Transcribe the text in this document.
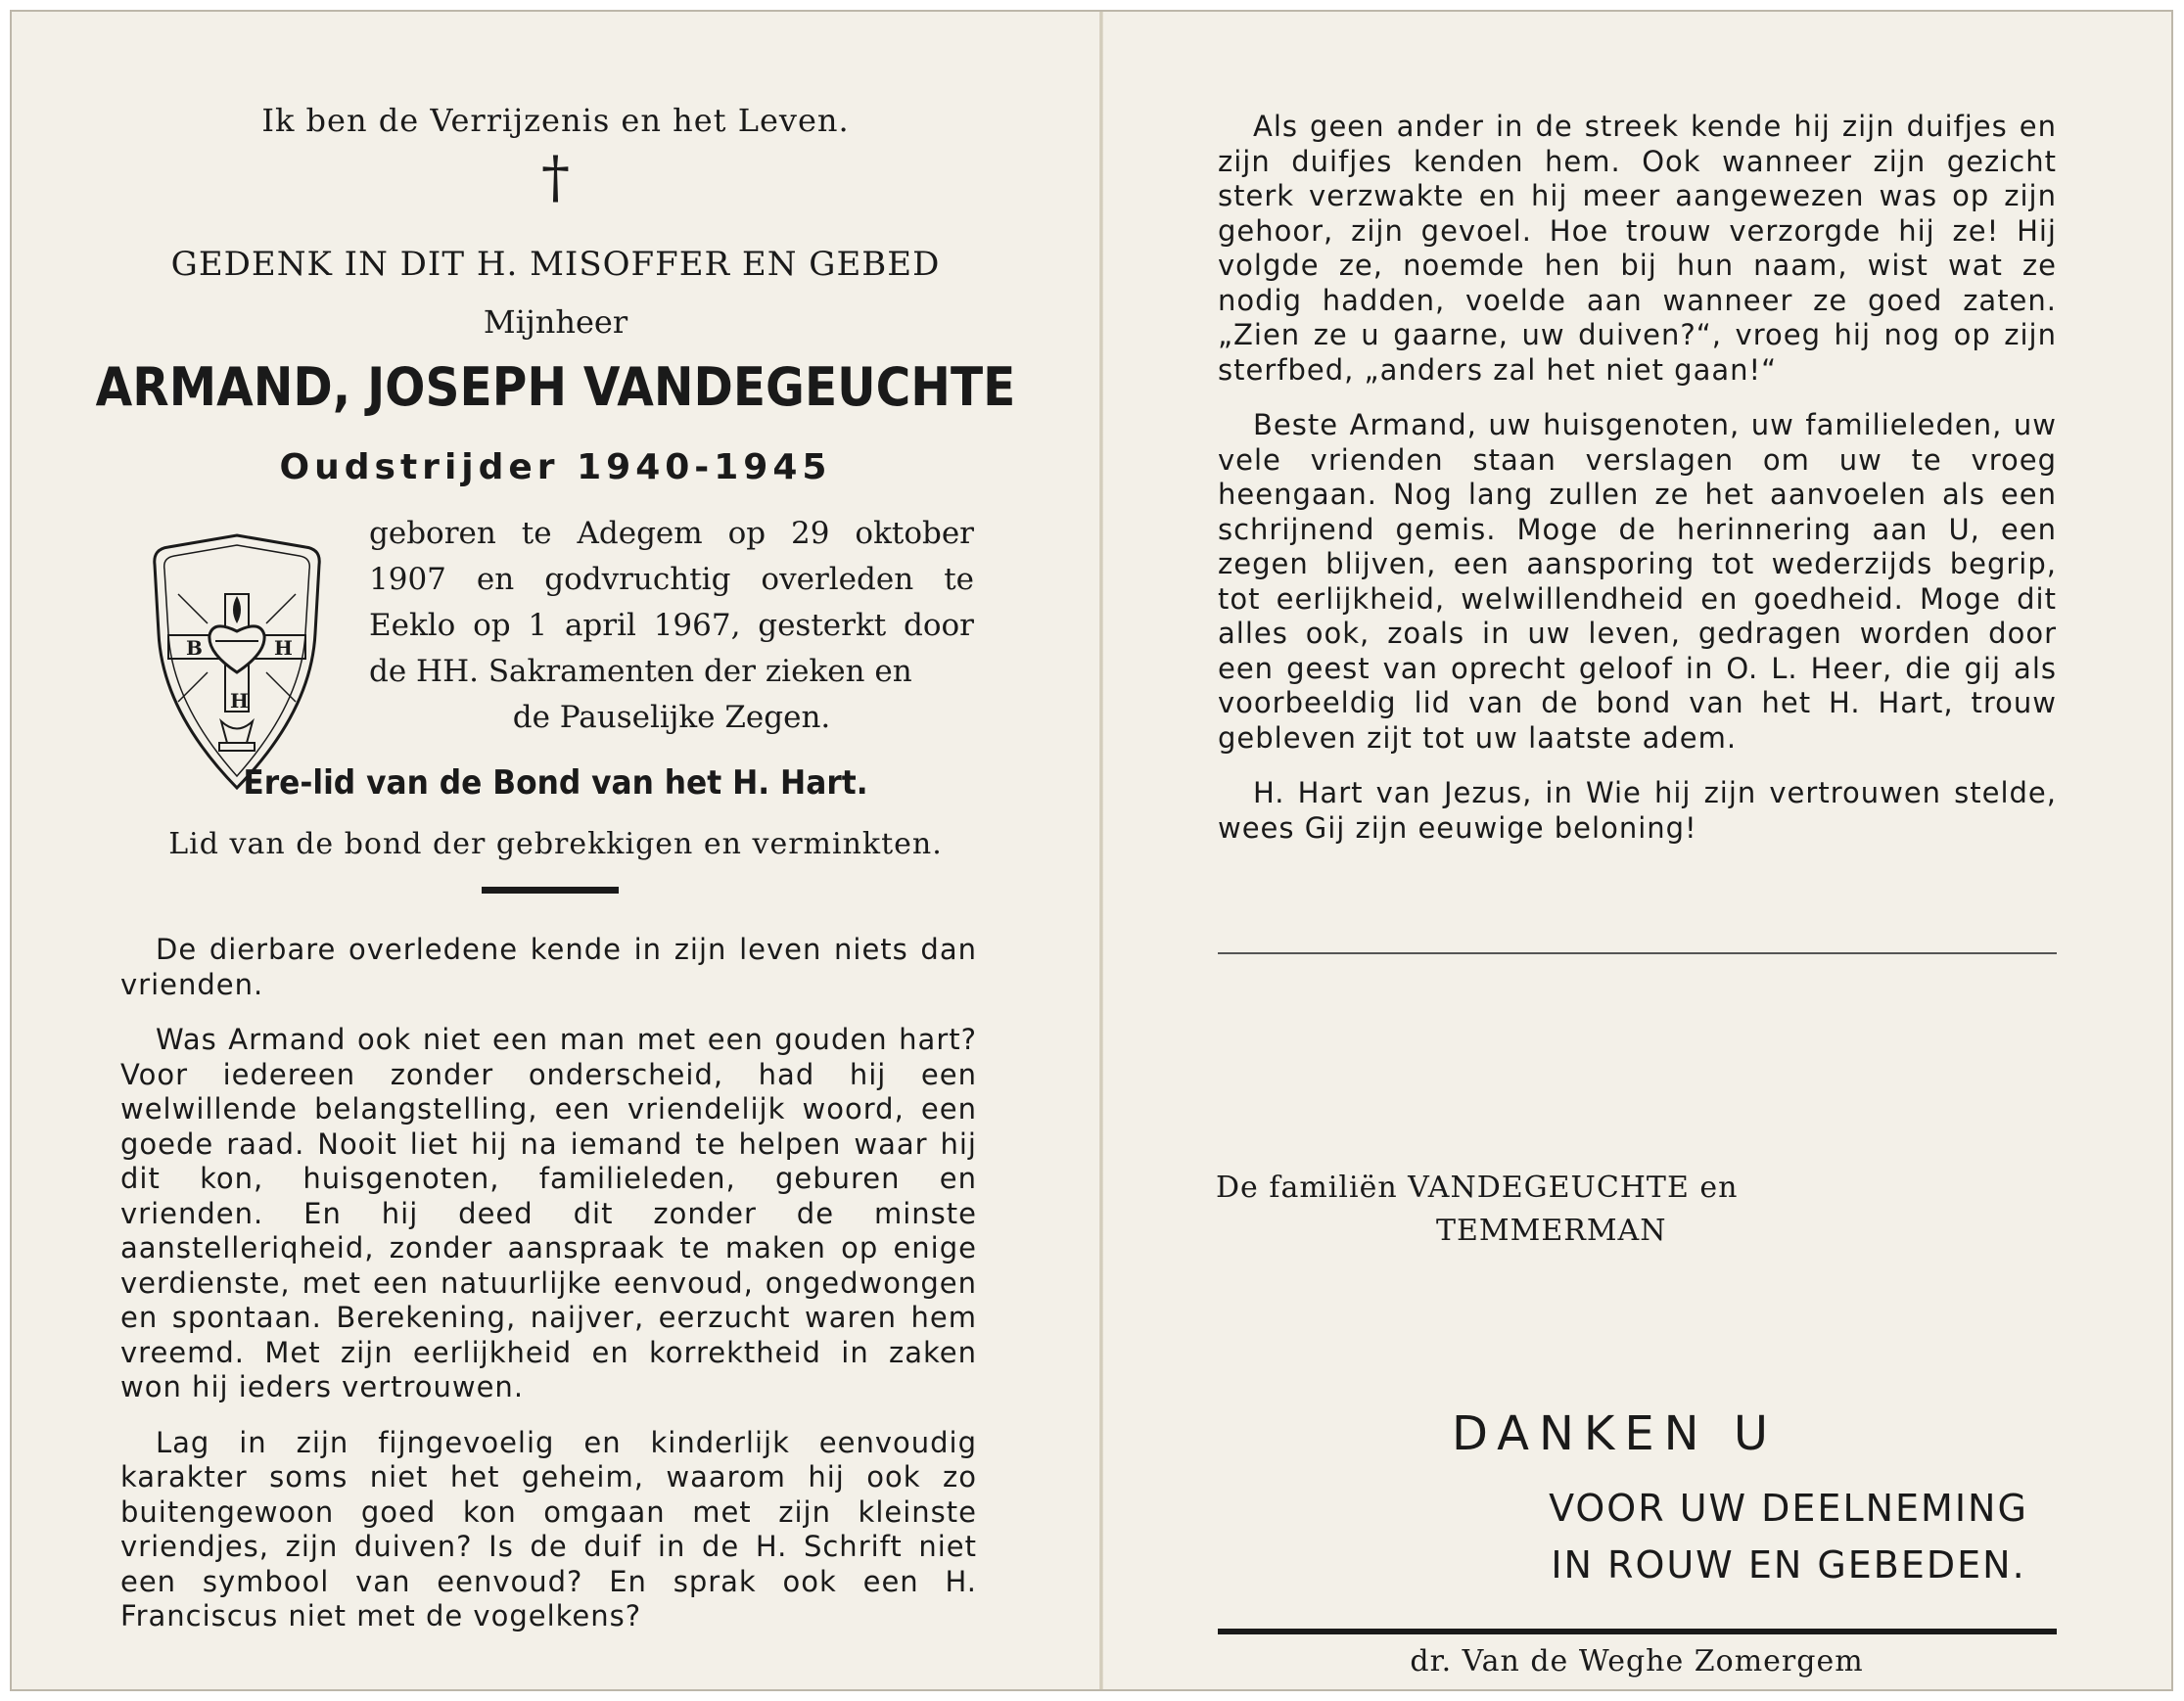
Ik ben de Verrijzenis en het Leven.
†
GEDENK IN DIT H. MISOFFER EN GEBED
Mijnheer
ARMAND, JOSEPH VANDEGEUCHTE
Oudstrijder 1940-1945
B	H
H
geboren te Adegem op 29 oktober 1907 en godvruchtig overleden te Eeklo op 1 april 1967, gesterkt door de HH. Sakramenten der zieken en
de Pauselijke Zegen.
Ere-lid van de Bond van het H. Hart.
Lid van de bond der gebrekkigen en verminkten.

De dierbare overledene kende in zijn leven niets dan vrienden.

Was Armand ook niet een man met een gouden hart? Voor iedereen zonder onderscheid, had hij een welwillende belangstelling, een vriendelijk woord, een goede raad. Nooit liet hij na iemand te helpen waar hij dit kon, huisgenoten, familieleden, geburen en vrienden. En hij deed dit zonder de minste aanstelleriqheid, zonder aanspraak te maken op enige verdienste, met een natuurlijke eenvoud, ongedwongen en spontaan. Berekening, naijver, eerzucht waren hem vreemd. Met zijn eerlijkheid en korrektheid in zaken won hij ieders vertrouwen.

Lag in zijn fijngevoelig en kinderlijk eenvoudig karakter soms niet het geheim, waarom hij ook zo buitengewoon goed kon omgaan met zijn kleinste vriendjes, zijn duiven? Is de duif in de H. Schrift niet een symbool van eenvoud? En sprak ook een H. Franciscus niet met de vogelkens?

Als geen ander in de streek kende hij zijn duifjes en zijn duifjes kenden hem. Ook wanneer zijn gezicht sterk verzwakte en hij meer aangewezen was op zijn gehoor, zijn gevoel. Hoe trouw verzorgde hij ze! Hij volgde ze, noemde hen bij hun naam, wist wat ze nodig hadden, voelde aan wanneer ze goed zaten. „Zien ze u gaarne, uw duiven?“, vroeg hij nog op zijn sterfbed, „anders zal het niet gaan!“

Beste Armand, uw huisgenoten, uw familieleden, uw vele vrienden staan verslagen om uw te vroeg heengaan. Nog lang zullen ze het aanvoelen als een schrijnend gemis. Moge de herinnering aan U, een zegen blijven, een aansporing tot wederzijds begrip, tot eerlijkheid, welwillendheid en goedheid. Moge dit alles ook, zoals in uw leven, gedragen worden door een geest van oprecht geloof in O. L. Heer, die gij als voorbeeldig lid van de bond van het H. Hart, trouw gebleven zijt tot uw laatste adem.

H. Hart van Jezus, in Wie hij zijn vertrouwen stelde, wees Gij zijn eeuwige beloning!

De familiën VANDEGEUCHTE en
TEMMERMAN
DANKEN U
VOOR UW DEELNEMING
IN ROUW EN GEBEDEN.
dr. Van de Weghe Zomergem
